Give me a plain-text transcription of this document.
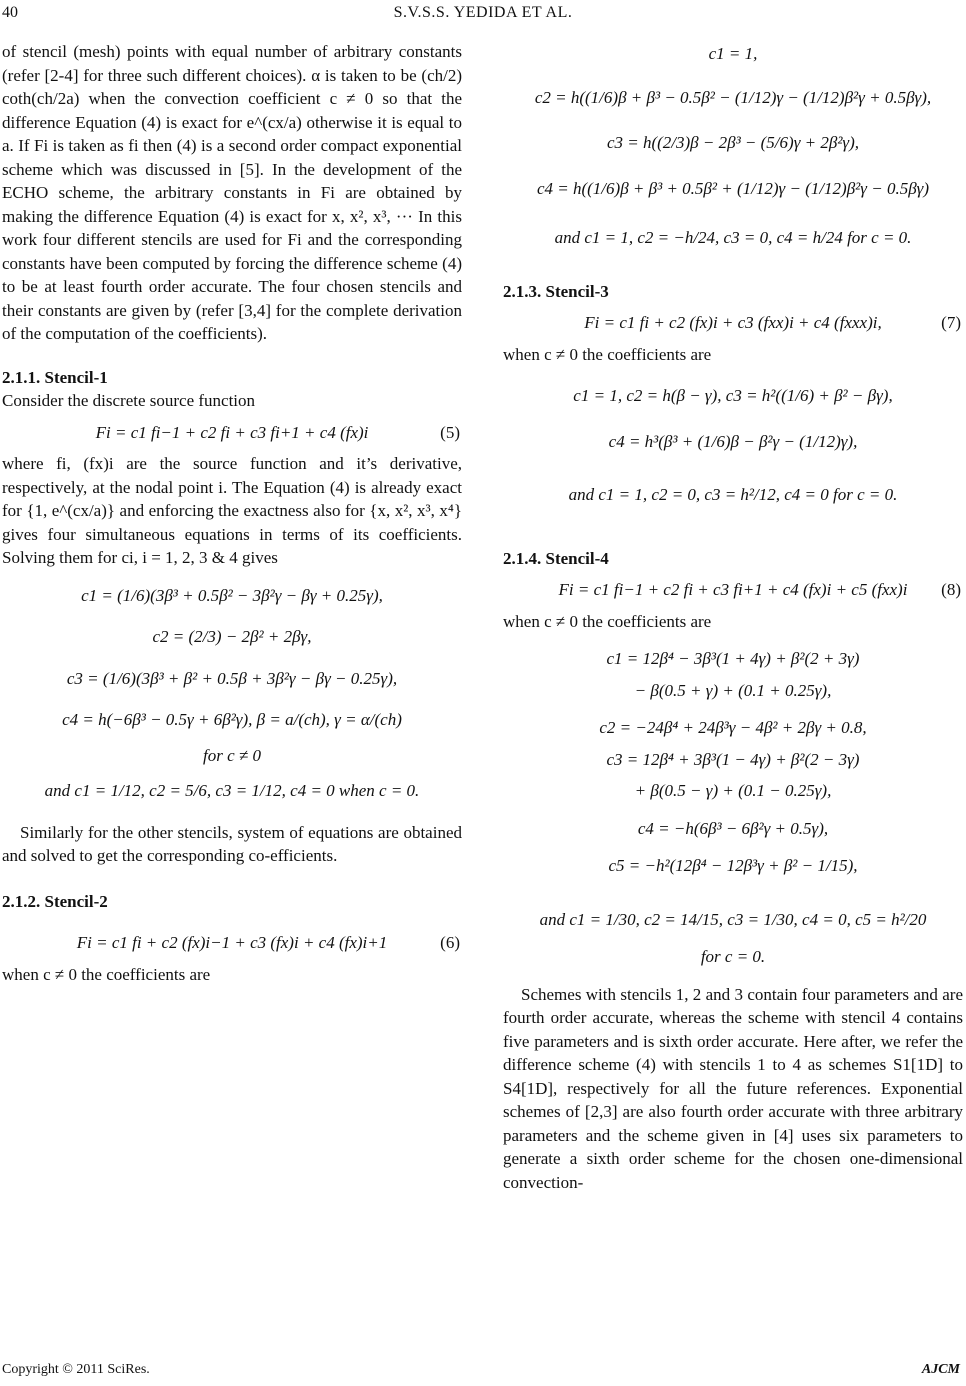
40	S.V.S.S. YEDIDA ET AL.

of stencil (mesh) points with equal number of arbitrary constants (refer [2-4] for three such different choices). α is taken to be (ch/2) coth(ch/2a) when the convection coefficient c ≠ 0 so that the difference Equation (4) is exact for e^(cx/a) otherwise it is equal to a. If Fi is taken as fi then (4) is a second order compact exponential scheme which was discussed in [5]. In the development of the ECHO scheme, the arbitrary constants in Fi are obtained by making the difference Equation (4) is exact for x, x², x³, ··· In this work four different stencils are used for Fi and the corresponding constants have been computed by forcing the difference scheme (4) to be at least fourth order accurate. The four chosen stencils and their constants are given by (refer [3,4] for the complete derivation of the computation of the coefficients).

2.1.1. Stencil-1

Consider the discrete source function

Fi = c1 fi−1 + c2 fi + c3 fi+1 + c4 (fx)i	(5)

where fi, (fx)i are the source function and it’s derivative, respectively, at the nodal point i. The Equation (4) is already exact for {1, e^(cx/a)} and enforcing the exactness also for {x, x², x³, x⁴} gives four simultaneous equations in terms of its coefficients. Solving them for ci, i = 1, 2, 3 & 4 gives

c1 = (1/6)(3β³ + 0.5β² − 3β²γ − βγ + 0.25γ),
c2 = (2/3) − 2β² + 2βγ,
c3 = (1/6)(3β³ + β² + 0.5β + 3β²γ − βγ − 0.25γ),
c4 = h(−6β³ − 0.5γ + 6β²γ), β = a/(ch), γ = α/(ch)
for c ≠ 0
and c1 = 1/12, c2 = 5/6, c3 = 1/12, c4 = 0 when c = 0.

Similarly for the other stencils, system of equations are obtained and solved to get the corresponding co-efficients.

2.1.2. Stencil-2

Fi = c1 fi + c2 (fx)i−1 + c3 (fx)i + c4 (fx)i+1	(6)

when c ≠ 0 the coefficients are

c1 = 1,
c2 = h((1/6)β + β³ − 0.5β² − (1/12)γ − (1/12)β²γ + 0.5βγ),
c3 = h((2/3)β − 2β³ − (5/6)γ + 2β²γ),
c4 = h((1/6)β + β³ + 0.5β² + (1/12)γ − (1/12)β²γ − 0.5βγ)
and c1 = 1, c2 = −h/24, c3 = 0, c4 = h/24 for c = 0.

2.1.3. Stencil-3

Fi = c1 fi + c2 (fx)i + c3 (fxx)i + c4 (fxxx)i,	(7)

when c ≠ 0 the coefficients are

c1 = 1, c2 = h(β − γ), c3 = h²((1/6) + β² − βγ),
c4 = h³(β³ + (1/6)β − β²γ − (1/12)γ),
and c1 = 1, c2 = 0, c3 = h²/12, c4 = 0 for c = 0.

2.1.4. Stencil-4

Fi = c1 fi−1 + c2 fi + c3 fi+1 + c4 (fx)i + c5 (fxx)i (8)

when c ≠ 0 the coefficients are

c1 = 12β⁴ − 3β³(1 + 4γ) + β²(2 + 3γ)
− β(0.5 + γ) + (0.1 + 0.25γ),
c2 = −24β⁴ + 24β³γ − 4β² + 2βγ + 0.8,
c3 = 12β⁴ + 3β³(1 − 4γ) + β²(2 − 3γ)
+ β(0.5 − γ) + (0.1 − 0.25γ),
c4 = −h(6β³ − 6β²γ + 0.5γ),
c5 = −h²(12β⁴ − 12β³γ + β² − 1/15),
and c1 = 1/30, c2 = 14/15, c3 = 1/30, c4 = 0, c5 = h²/20
for c = 0.

Schemes with stencils 1, 2 and 3 contain four parameters and are fourth order accurate, whereas the scheme with stencil 4 contains five parameters and is sixth order accurate. Here after, we refer the difference scheme (4) with stencils 1 to 4 as schemes S1[1D] to S4[1D], respectively for all the future references. Exponential schemes of [2,3] are also fourth order accurate with three arbitrary parameters and the scheme given in [4] uses six parameters to generate a sixth order scheme for the chosen one-dimensional convection-

Copyright © 2011 SciRes.	AJCM
